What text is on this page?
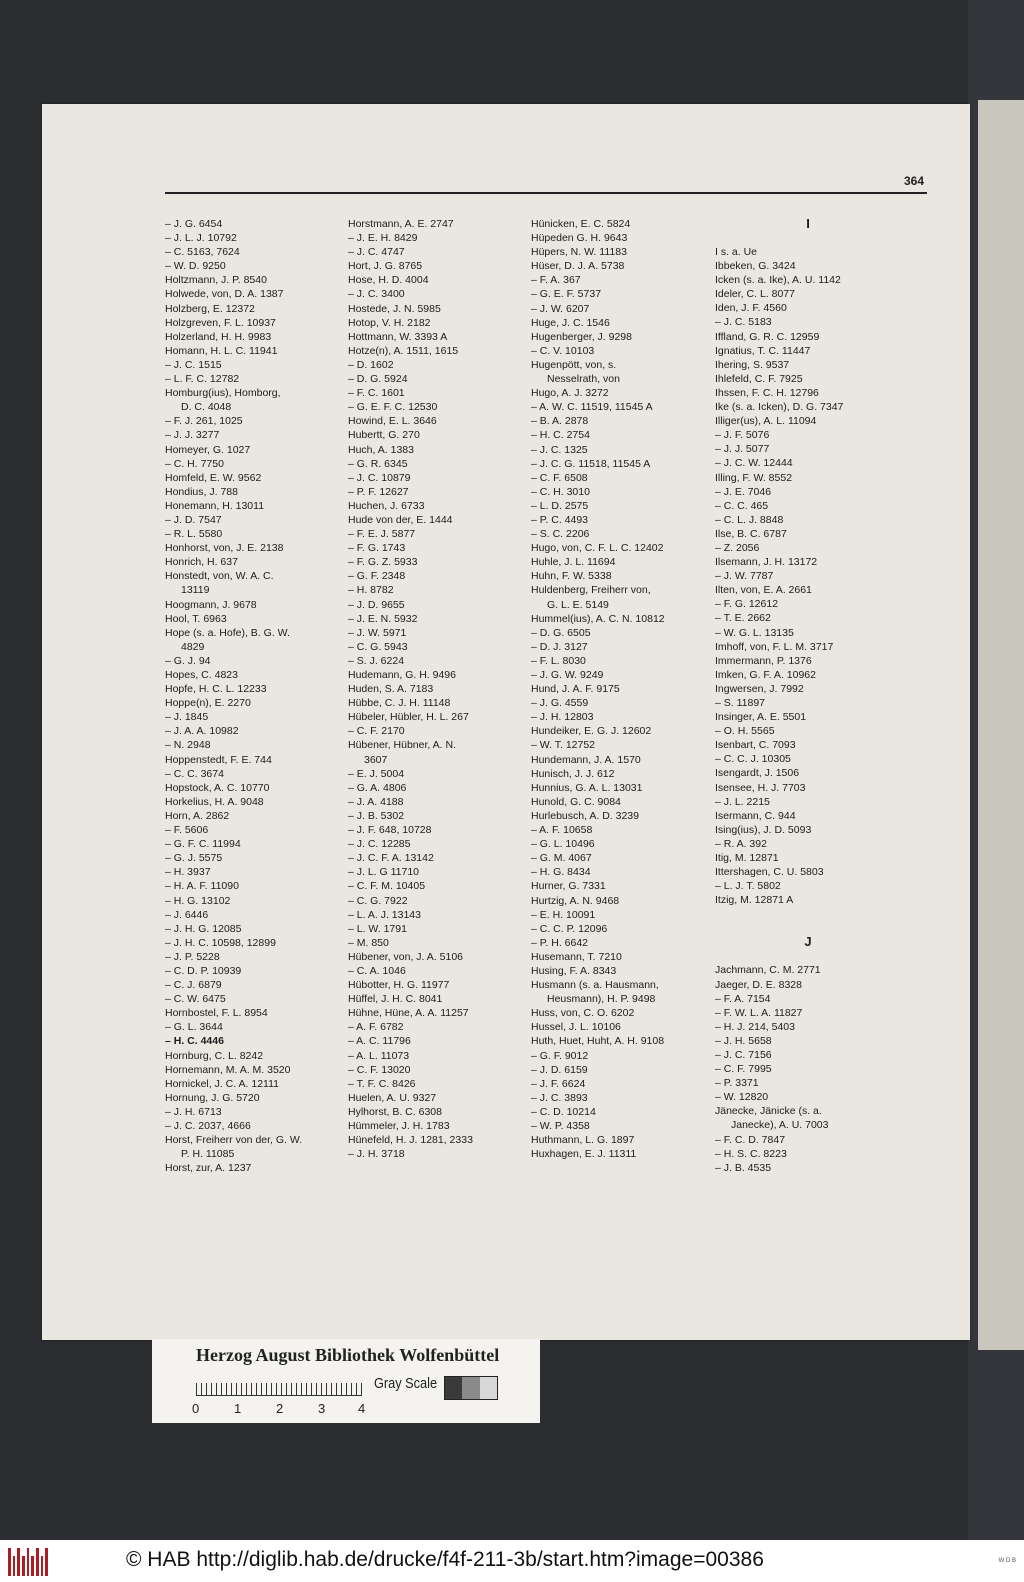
364
– J. G. 6454
– J. L. J. 10792
– C. 5163, 7624
– W. D. 9250
Holtzmann, J. P. 8540
Holwede, von, D. A. 1387
Holzberg, E. 12372
Holzgreven, F. L. 10937
Holzerland, H. H. 9983
Homann, H. L. C. 11941
– J. C. 1515
– L. F. C. 12782
Homburg(ius), Homborg,
D. C. 4048
– F. J. 261, 1025
– J. J. 3277
Homeyer, G. 1027
– C. H. 7750
Homfeld, E. W. 9562
Hondius, J. 788
Honemann, H. 13011
– J. D. 7547
– R. L. 5580
Honhorst, von, J. E. 2138
Honrich, H. 637
Honstedt, von, W. A. C.
13119
Hoogmann, J. 9678
Hool, T. 6963
Hope (s. a. Hofe), B. G. W.
4829
– G. J. 94
Hopes, C. 4823
Hopfe, H. C. L. 12233
Hoppe(n), E. 2270
– J. 1845
– J. A. A. 10982
– N. 2948
Hoppenstedt, F. E. 744
– C. C. 3674
Hopstock, A. C. 10770
Horkelius, H. A. 9048
Horn, A. 2862
– F. 5606
– G. F. C. 11994
– G. J. 5575
– H. 3937
– H. A. F. 11090
– H. G. 13102
– J. 6446
– J. H. G. 12085
– J. H. C. 10598, 12899
– J. P. 5228
– C. D. P. 10939
– C. J. 6879
– C. W. 6475
Hornbostel, F. L. 8954
– G. L. 3644
– H. C. 4446
Hornburg, C. L. 8242
Hornemann, M. A. M. 3520
Hornickel, J. C. A. 12111
Hornung, J. G. 5720
– J. H. 6713
– J. C. 2037, 4666
Horst, Freiherr von der, G. W.
P. H. 11085
Horst, zur, A. 1237
Horstmann, A. E. 2747
– J. E. H. 8429
– J. C. 4747
Hort, J. G. 8765
Hose, H. D. 4004
– J. C. 3400
Hostede, J. N. 5985
Hotop, V. H. 2182
Hottmann, W. 3393 A
Hotze(n), A. 1511, 1615
– D. 1602
– D. G. 5924
– F. C. 1601
– G. E. F. C. 12530
Howind, E. L. 3646
Hubertt, G. 270
Huch, A. 1383
– G. R. 6345
– J. C. 10879
– P. F. 12627
Huchen, J. 6733
Hude von der, E. 1444
– F. E. J. 5877
– F. G. 1743
– F. G. Z. 5933
– G. F. 2348
– H. 8782
– J. D. 9655
– J. E. N. 5932
– J. W. 5971
– C. G. 5943
– S. J. 6224
Hudemann, G. H. 9496
Huden, S. A. 7183
Hübbe, C. J. H. 11148
Hübeler, Hübler, H. L. 267
– C. F. 2170
Hübener, Hübner, A. N.
3607
– E. J. 5004
– G. A. 4806
– J. A. 4188
– J. B. 5302
– J. F. 648, 10728
– J. C. 12285
– J. C. F. A. 13142
– J. L. G 11710
– C. F. M. 10405
– C. G. 7922
– L. A. J. 13143
– L. W. 1791
– M. 850
Hübener, von, J. A. 5106
– C. A. 1046
Hübotter, H. G. 11977
Hüffel, J. H. C. 8041
Hühne, Hüne, A. A. 11257
– A. F. 6782
– A. C. 11796
– A. L. 11073
– C. F. 13020
– T. F. C. 8426
Huelen, A. U. 9327
Hylhorst, B. C. 6308
Hümmeler, J. H. 1783
Hünefeld, H. J. 1281, 2333
– J. H. 3718
Hünicken, E. C. 5824
Hüpeden G. H. 9643
Hüpers, N. W. 11183
Hüser, D. J. A. 5738
– F. A. 367
– G. E. F. 5737
– J. W. 6207
Huge, J. C. 1546
Hugenberger, J. 9298
– C. V. 10103
Hugenpött, von, s.
Nesselrath, von
Hugo, A. J. 3272
– A. W. C. 11519, 11545 A
– B. A. 2878
– H. C. 2754
– J. C. 1325
– J. C. G. 11518, 11545 A
– C. F. 6508
– C. H. 3010
– L. D. 2575
– P. C. 4493
– S. C. 2206
Hugo, von, C. F. L. C. 12402
Huhle, J. L. 11694
Huhn, F. W. 5338
Huldenberg, Freiherr von,
G. L. E. 5149
Hummel(ius), A. C. N. 10812
– D. G. 6505
– D. J. 3127
– F. L. 8030
– J. G. W. 9249
Hund, J. A. F. 9175
– J. G. 4559
– J. H. 12803
Hundeiker, E. G. J. 12602
– W. T. 12752
Hundemann, J. A. 1570
Hunisch, J. J. 612
Hunnius, G. A. L. 13031
Hunold, G. C. 9084
Hurlebusch, A. D. 3239
– A. F. 10658
– G. L. 10496
– G. M. 4067
– H. G. 8434
Hurner, G. 7331
Hurtzig, A. N. 9468
– E. H. 10091
– C. C. P. 12096
– P. H. 6642
Husemann, T. 7210
Husing, F. A. 8343
Husmann (s. a. Hausmann,
Heusmann), H. P. 9498
Huss, von, C. O. 6202
Hussel, J. L. 10106
Huth, Huet, Huht, A. H. 9108
– G. F. 9012
– J. D. 6159
– J. F. 6624
– J. C. 3893
– C. D. 10214
– W. P. 4358
Huthmann, L. G. 1897
Huxhagen, E. J. 11311
I
I s. a. Ue
Ibbeken, G. 3424
Icken (s. a. Ike), A. U. 1142
Ideler, C. L. 8077
Iden, J. F. 4560
– J. C. 5183
Iffland, G. R. C. 12959
Ignatius, T. C. 11447
Ihering, S. 9537
Ihlefeld, C. F. 7925
Ihssen, F. C. H. 12796
Ike (s. a. Icken), D. G. 7347
Illiger(us), A. L. 11094
– J. F. 5076
– J. J. 5077
– J. C. W. 12444
Illing, F. W. 8552
– J. E. 7046
– C. C. 465
– C. L. J. 8848
Ilse, B. C. 6787
– Z. 2056
Ilsemann, J. H. 13172
– J. W. 7787
Ilten, von, E. A. 2661
– F. G. 12612
– T. E. 2662
– W. G. L. 13135
Imhoff, von, F. L. M. 3717
Immermann, P. 1376
Imken, G. F. A. 10962
Ingwersen, J. 7992
– S. 11897
Insinger, A. E. 5501
– O. H. 5565
Isenbart, C. 7093
– C. C. J. 10305
Isengardt, J. 1506
Isensee, H. J. 7703
– J. L. 2215
Isermann, C. 944
Ising(ius), J. D. 5093
– R. A. 392
Itig, M. 12871
Ittershagen, C. U. 5803
– L. J. T. 5802
Itzig, M. 12871 A
J
Jachmann, C. M. 2771
Jaeger, D. E. 8328
– F. A. 7154
– F. W. L. A. 11827
– H. J. 214, 5403
– J. H. 5658
– J. C. 7156
– C. F. 7995
– P. 3371
– W. 12820
Jänecke, Jänicke (s. a.
Janecke), A. U. 7003
– F. C. D. 7847
– H. S. C. 8223
– J. B. 4535
Herzog August Bibliothek Wolfenbüttel
0	1	2	3	4
Gray Scale
© HAB http://diglib.hab.de/drucke/f4f-211-3b/start.htm?image=00386	W D B
